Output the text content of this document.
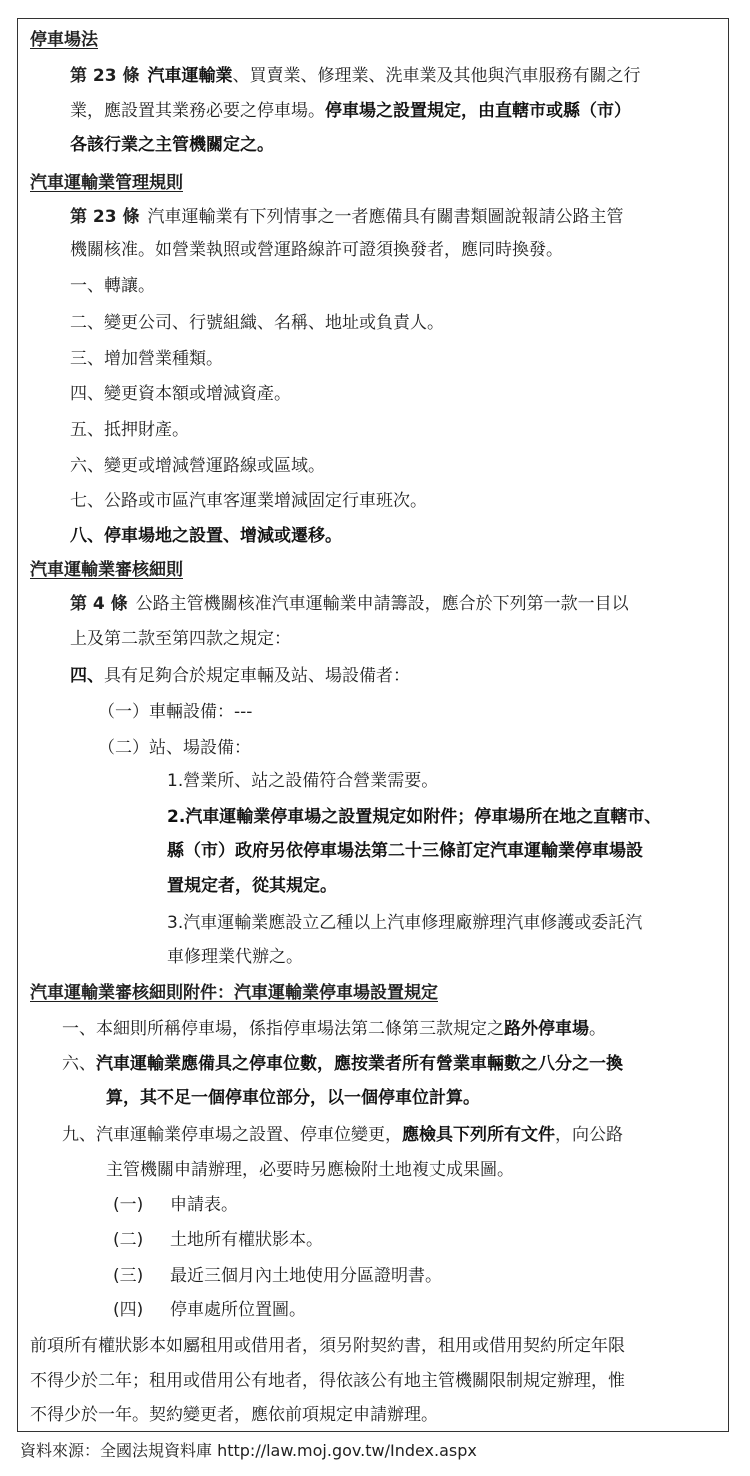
停車場法
第 23 條 汽車運輸業、買賣業、修理業、洗車業及其他與汽車服務有關之行
業，應設置其業務必要之停車場。停車場之設置規定，由直轄市或縣（市）
各該行業之主管機關定之。
汽車運輸業管理規則
第 23 條 汽車運輸業有下列情事之一者應備具有關書類圖說報請公路主管
機關核准。如營業執照或營運路線許可證須換發者，應同時換發。
一、轉讓。
二、變更公司、行號組織、名稱、地址或負責人。
三、增加營業種類。
四、變更資本額或增減資產。
五、抵押財產。
六、變更或增減營運路線或區域。
七、公路或市區汽車客運業增減固定行車班次。
八、停車場地之設置、增減或遷移。
汽車運輸業審核細則
第 4 條 公路主管機關核准汽車運輸業申請籌設，應合於下列第一款一目以
上及第二款至第四款之規定：
四、具有足夠合於規定車輛及站、場設備者：
（一）車輛設備：---
（二）站、場設備：
1.營業所、站之設備符合營業需要。
2.汽車運輸業停車場之設置規定如附件；停車場所在地之直轄市、
縣（市）政府另依停車場法第二十三條訂定汽車運輸業停車場設
置規定者，從其規定。
3.汽車運輸業應設立乙種以上汽車修理廠辦理汽車修護或委託汽
車修理業代辦之。
汽車運輸業審核細則附件：汽車運輸業停車場設置規定
一、本細則所稱停車場，係指停車場法第二條第三款規定之路外停車場。
六、汽車運輸業應備具之停車位數，應按業者所有營業車輛數之八分之一換
算，其不足一個停車位部分，以一個停車位計算。
九、汽車運輸業停車場之設置、停車位變更，應檢具下列所有文件，向公路
主管機關申請辦理，必要時另應檢附土地複丈成果圖。
(一) 申請表。
(二) 土地所有權狀影本。
(三) 最近三個月內土地使用分區證明書。
(四) 停車處所位置圖。
前項所有權狀影本如屬租用或借用者，須另附契約書，租用或借用契約所定年限
不得少於二年；租用或借用公有地者，得依該公有地主管機關限制規定辦理，惟
不得少於一年。契約變更者，應依前項規定申請辦理。
資料來源：全國法規資料庫 http://law.moj.gov.tw/Index.aspx
